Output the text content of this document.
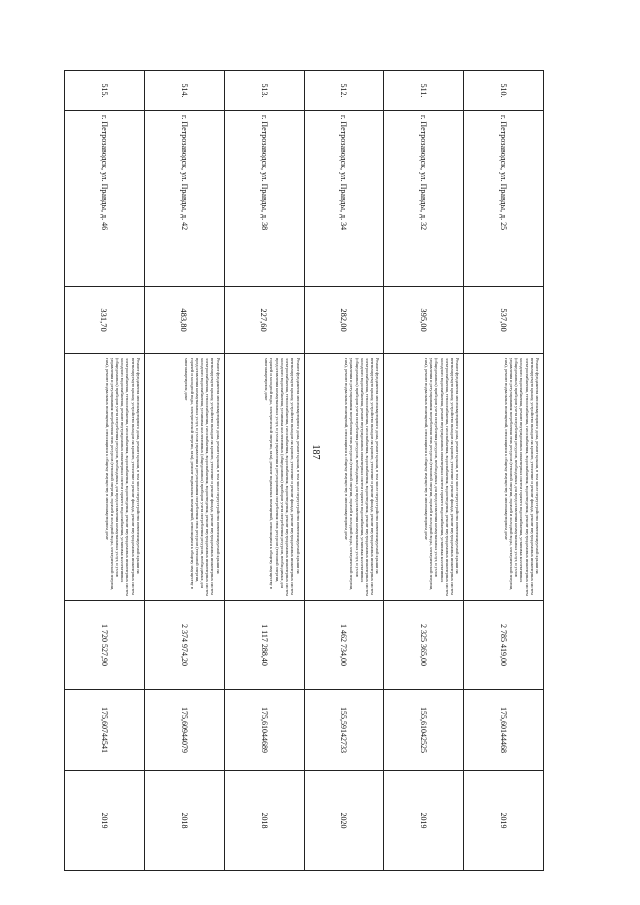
187
510.	г. Петрозаводск, ул. Правды, д. 25	537,00	Ремонт фундамента многоквартирного дома, ремонт крыши, в том числе переустройство невентилируемой крыши на вентилируемую крышу, устройство выходов на кровлю, утепление и ремонт фасада, ремонт внутридомовых инженерных систем электроснабжения, теплоснабжения, газоснабжения, водоснабжения, водоотведения, ремонт внутридомовых инженерных систем холодного водоснабжения, ремонт внутридомовых инженерных систем горячего водоснабжения, установка коллективных (общедомовых) приборов учета потребления ресурсов, необходимых для предоставления коммунальных услуг, и узлов управления и регулирования потребления этих ресурсов (тепловой энергии, горячей и холодной воды, электрической энергии, газа), ремонт подвальных помещений, относящихся к общему имуществу в многоквартирном доме	2 785 419,00	175,60144468	2019
511.	г. Петрозаводск, ул. Правды, д. 32	395,00	Ремонт фундамента многоквартирного дома, ремонт крыши, в том числе переустройство невентилируемой крыши на вентилируемую крышу, устройство выходов на кровлю, утепление и ремонт фасада, ремонт внутридомовых инженерных систем электроснабжения, теплоснабжения, газоснабжения, водоснабжения, водоотведения, ремонт внутридомовых инженерных систем холодного водоснабжения, ремонт внутридомовых инженерных систем горячего водоснабжения, установка коллективных (общедомовых) приборов учета потребления ресурсов, необходимых для предоставления коммунальных услуг, и узлов управления и регулирования потребления этих ресурсов (тепловой энергии, горячей и холодной воды, электрической энергии, газа), ремонт подвальных помещений, относящихся к общему имуществу в многоквартирном доме	2 325 365,00	155,61042525	2019
512.	г. Петрозаводск, ул. Правды, д. 34	282,00	Ремонт фундамента многоквартирного дома, ремонт крыши, в том числе переустройство невентилируемой крыши на вентилируемую крышу, устройство выходов на кровлю, утепление и ремонт фасада, ремонт внутридомовых инженерных систем электроснабжения, теплоснабжения, газоснабжения, водоснабжения, водоотведения, ремонт внутридомовых инженерных систем холодного водоснабжения, ремонт внутридомовых инженерных систем горячего водоснабжения, установка коллективных (общедомовых) приборов учета потребления ресурсов, необходимых для предоставления коммунальных услуг, и узлов управления и регулирования потребления этих ресурсов (тепловой энергии, горячей и холодной воды, электрической энергии, газа), ремонт подвальных помещений, относящихся к общему имуществу в многоквартирном доме	1 462 734,00	155,59142733	2020
513.	г. Петрозаводск, ул. Правды, д. 38	227,60	Ремонт фундамента многоквартирного дома, ремонт крыши, в том числе переустройство невентилируемой крыши на вентилируемую крышу, устройство выходов на кровлю, утепление и ремонт фасада, ремонт внутридомовых инженерных систем электроснабжения, теплоснабжения, газоснабжения, водоснабжения, водоотведения, ремонт внутридомовых инженерных систем холодного водоснабжения, установка коллективных (общедомовых) приборов учета потребления ресурсов, необходимых для предоставления коммунальных услуг, и узлов управления и регулирования потребления этих ресурсов (тепловой энергии, горячей и холодной воды, электрической энергии, газа), ремонт подвальных помещений, относящихся к общему имуществу в многоквартирном доме	1 117 288,40	175,61044689	2018
514.	г. Петрозаводск, ул. Правды, д. 42	483,80	Ремонт фундамента многоквартирного дома, ремонт крыши, в том числе переустройство невентилируемой крыши на вентилируемую крышу, устройство выходов на кровлю, утепление и ремонт фасада, ремонт внутридомовых инженерных систем электроснабжения, теплоснабжения, газоснабжения, водоснабжения, водоотведения, ремонт внутридомовых инженерных систем холодного водоснабжения, установка коллективных (общедомовых) приборов учета потребления ресурсов, необходимых для предоставления коммунальных услуг, и узлов управления и регулирования потребления этих ресурсов (тепловой энергии, горячей и холодной воды, электрической энергии, газа), ремонт подвальных помещений, относящихся к общему имуществу в многоквартирном доме	2 374 974,20	175,60944079	2018
515.	г. Петрозаводск, ул. Правды, д. 46	331,70	Ремонт фундамента многоквартирного дома, ремонт крыши, в том числе переустройство невентилируемой крыши на вентилируемую крышу, устройство выходов на кровлю, утепление и ремонт фасада, ремонт внутридомовых инженерных систем электроснабжения, теплоснабжения, газоснабжения, водоснабжения, водоотведения, ремонт внутридомовых инженерных систем холодного водоснабжения, ремонт внутридомовых инженерных систем горячего водоснабжения, установка коллективных (общедомовых) приборов учета потребления ресурсов, необходимых для предоставления коммунальных услуг, и узлов управления и регулирования потребления этих ресурсов (тепловой энергии, горячей и холодной воды, электрической энергии, газа), ремонт подвальных помещений, относящихся к общему имуществу в многоквартирном доме	1 720 527,90	175,60744541	2019
